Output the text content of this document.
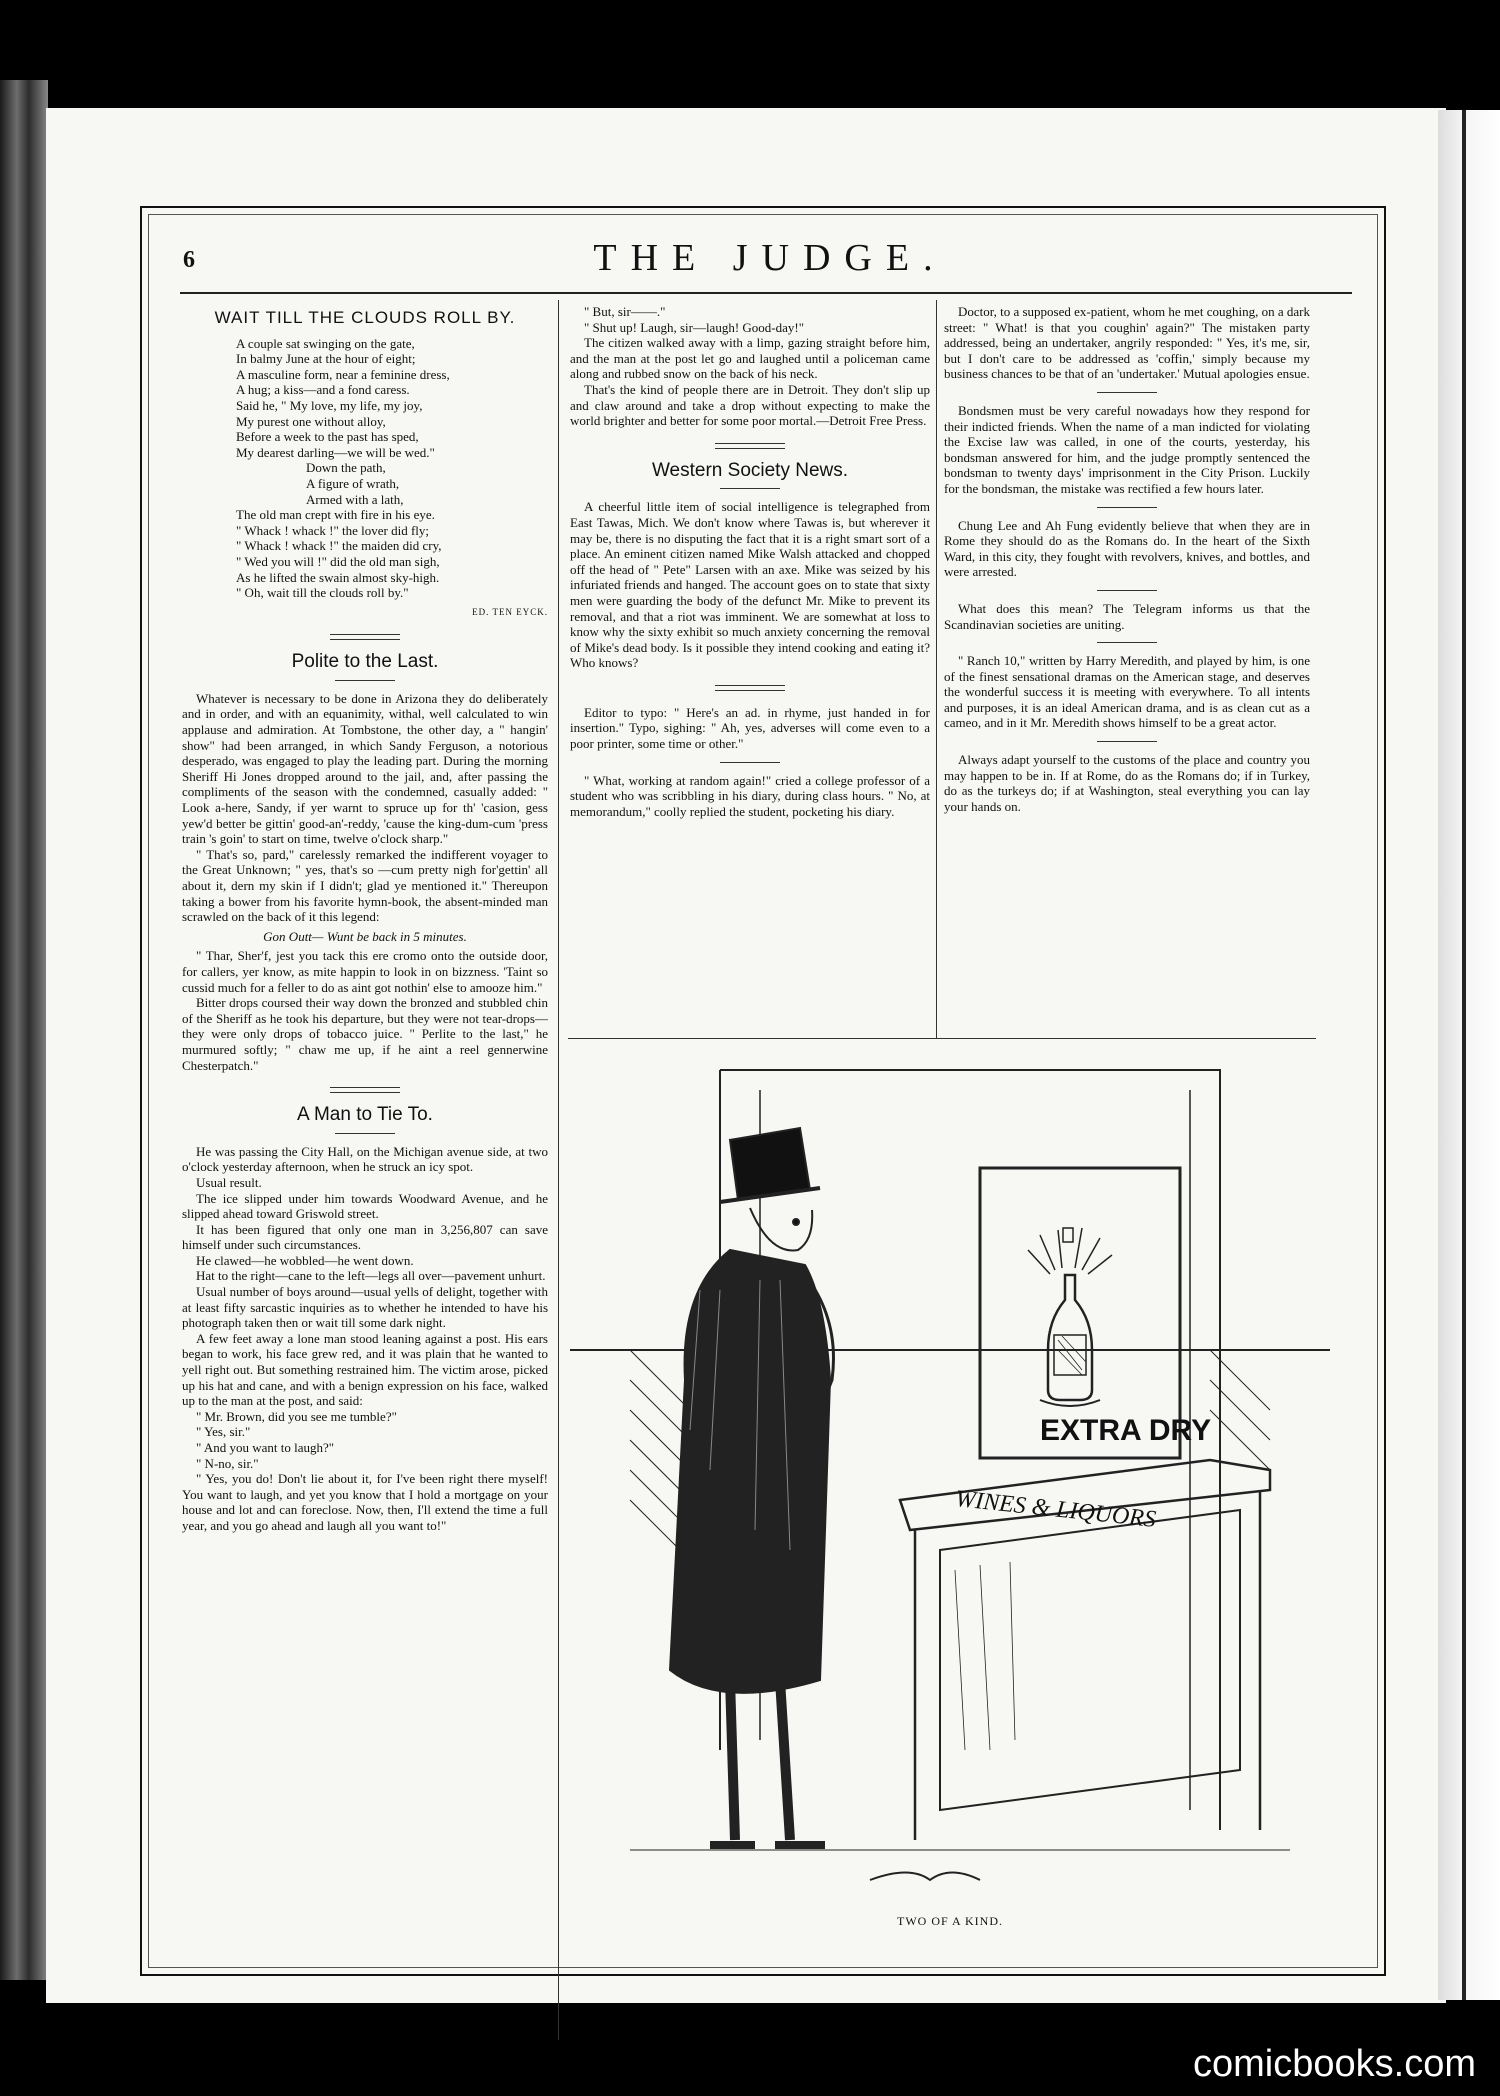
6	THE JUDGE.
WAIT TILL THE CLOUDS ROLL BY.

A couple sat swinging on the gate,

In balmy June at the hour of eight;

A masculine form, near a feminine dress,

A hug; a kiss—and a fond caress.

Said he, " My love, my life, my joy,

My purest one without alloy,

Before a week to the past has sped,

My dearest darling—we will be wed."

Down the path,

A figure of wrath,

Armed with a lath,

The old man crept with fire in his eye.

" Whack ! whack !" the lover did fly;

" Whack ! whack !" the maiden did cry,

" Wed you will !" did the old man sigh,

As he lifted the swain almost sky-high.

" Oh, wait till the clouds roll by."

ED. TEN EYCK.
Polite to the Last.

Whatever is necessary to be done in Arizona they do deliberately and in order, and with an equanimity, withal, well calculated to win applause and admiration. At Tombstone, the other day, a " hangin' show" had been arranged, in which Sandy Ferguson, a notorious desperado, was engaged to play the leading part. During the morning Sheriff Hi Jones dropped around to the jail, and, after passing the compliments of the season with the condemned, casually added: " Look a-here, Sandy, if yer warnt to spruce up for th' 'casion, gess yew'd better be gittin' good-an'-reddy, 'cause the king-dum-cum 'press train 's goin' to start on time, twelve o'clock sharp."

" That's so, pard," carelessly remarked the indifferent voyager to the Great Unknown; " yes, that's so —cum pretty nigh for'gettin' all about it, dern my skin if I didn't; glad ye mentioned it." Thereupon taking a bower from his favorite hymn-book, the absent-minded man scrawled on the back of it this legend:

Gon Outt— Wunt be back in 5 minutes.

" Thar, Sher'f, jest you tack this ere cromo onto the outside door, for callers, yer know, as mite happin to look in on bizzness. 'Taint so cussid much for a feller to do as aint got nothin' else to amooze him."

Bitter drops coursed their way down the bronzed and stubbled chin of the Sheriff as he took his departure, but they were not tear-drops—they were only drops of tobacco juice. " Perlite to the last," he murmured softly; " chaw me up, if he aint a reel gennerwine Chesterpatch."

A Man to Tie To.

He was passing the City Hall, on the Michigan avenue side, at two o'clock yesterday afternoon, when he struck an icy spot.

Usual result.

The ice slipped under him towards Woodward Avenue, and he slipped ahead toward Griswold street.

It has been figured that only one man in 3,256,807 can save himself under such circumstances.

He clawed—he wobbled—he went down.

Hat to the right—cane to the left—legs all over—pavement unhurt.

Usual number of boys around—usual yells of delight, together with at least fifty sarcastic inquiries as to whether he intended to have his photograph taken then or wait till some dark night.

A few feet away a lone man stood leaning against a post. His ears began to work, his face grew red, and it was plain that he wanted to yell right out. But something restrained him. The victim arose, picked up his hat and cane, and with a benign expression on his face, walked up to the man at the post, and said:

" Mr. Brown, did you see me tumble?"

" Yes, sir."

" And you want to laugh?"

" N-no, sir."

" Yes, you do! Don't lie about it, for I've been right there myself! You want to laugh, and yet you know that I hold a mortgage on your house and lot and can foreclose. Now, then, I'll extend the time a full year, and you go ahead and laugh all you want to!"

" But, sir——."

" Shut up! Laugh, sir—laugh! Good-day!"

The citizen walked away with a limp, gazing straight before him, and the man at the post let go and laughed until a policeman came along and rubbed snow on the back of his neck.

That's the kind of people there are in Detroit. They don't slip up and claw around and take a drop without expecting to make the world brighter and better for some poor mortal.—Detroit Free Press.

Western Society News.

A cheerful little item of social intelligence is telegraphed from East Tawas, Mich. We don't know where Tawas is, but wherever it may be, there is no disputing the fact that it is a right smart sort of a place. An eminent citizen named Mike Walsh attacked and chopped off the head of " Pete" Larsen with an axe. Mike was seized by his infuriated friends and hanged. The account goes on to state that sixty men were guarding the body of the defunct Mr. Mike to prevent its removal, and that a riot was imminent. We are somewhat at loss to know why the sixty exhibit so much anxiety concerning the removal of Mike's dead body. Is it possible they intend cooking and eating it? Who knows?

Editor to typo: " Here's an ad. in rhyme, just handed in for insertion." Typo, sighing: " Ah, yes, adverses will come even to a poor printer, some time or other."

" What, working at random again!" cried a college professor of a student who was scribbling in his diary, during class hours. " No, at memorandum," coolly replied the student, pocketing his diary.

Doctor, to a supposed ex-patient, whom he met coughing, on a dark street: " What! is that you coughin' again?" The mistaken party addressed, being an undertaker, angrily responded: " Yes, it's me, sir, but I don't care to be addressed as 'coffin,' simply because my business chances to be that of an 'undertaker.' Mutual apologies ensue.

Bondsmen must be very careful nowadays how they respond for their indicted friends. When the name of a man indicted for violating the Excise law was called, in one of the courts, yesterday, his bondsman answered for him, and the judge promptly sentenced the bondsman to twenty days' imprisonment in the City Prison. Luckily for the bondsman, the mistake was rectified a few hours later.

Chung Lee and Ah Fung evidently believe that when they are in Rome they should do as the Romans do. In the heart of the Sixth Ward, in this city, they fought with revolvers, knives, and bottles, and were arrested.

What does this mean? The Telegram informs us that the Scandinavian societies are uniting.

" Ranch 10," written by Harry Meredith, and played by him, is one of the finest sensational dramas on the American stage, and deserves the wonderful success it is meeting with everywhere. To all intents and purposes, it is an ideal American drama, and is as clean cut as a cameo, and in it Mr. Meredith shows himself to be a great actor.

Always adapt yourself to the customs of the place and country you may happen to be in. If at Rome, do as the Romans do; if in Turkey, do as the turkeys do; if at Washington, steal everything you can lay your hands on.

EXTRA DRY
WINES & LIQUORS
TWO OF A KIND.
comicbooks.com
